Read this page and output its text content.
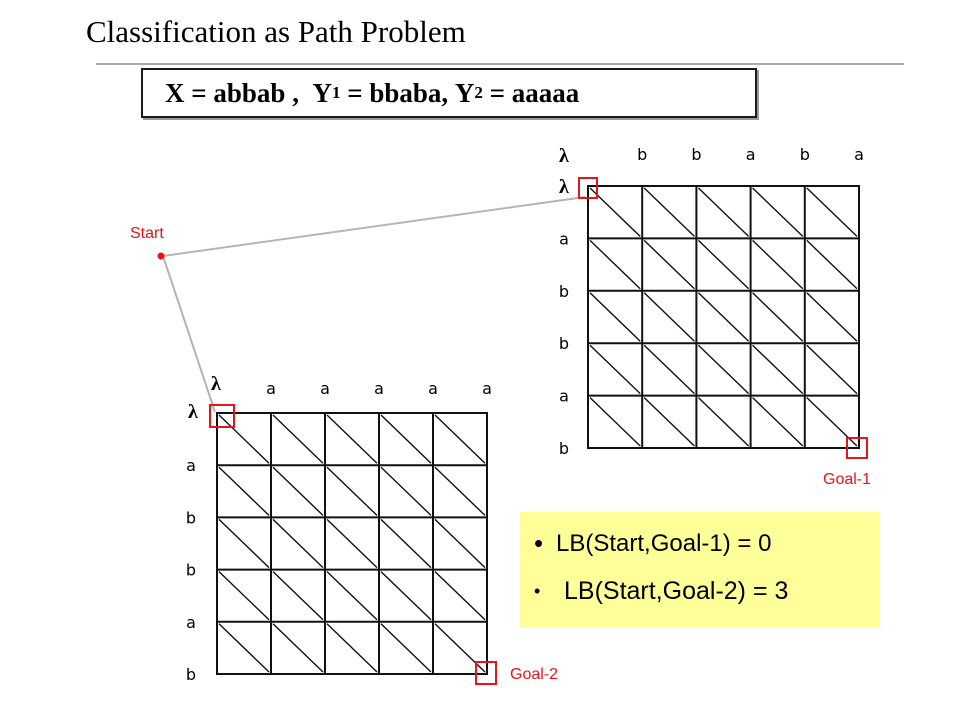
Classification as Path Problem
X = abbab , Y 1 = bbaba , Y 2 = aaaaa
Start
b	b	a	b	a
a
b
b
a
b
λ
λ
Goal-1
a	a	a	a	a
a
b
b
a
b
λ
λ
Goal-2
• LB(Start,Goal-1) = 0
• LB(Start,Goal-2) = 3
